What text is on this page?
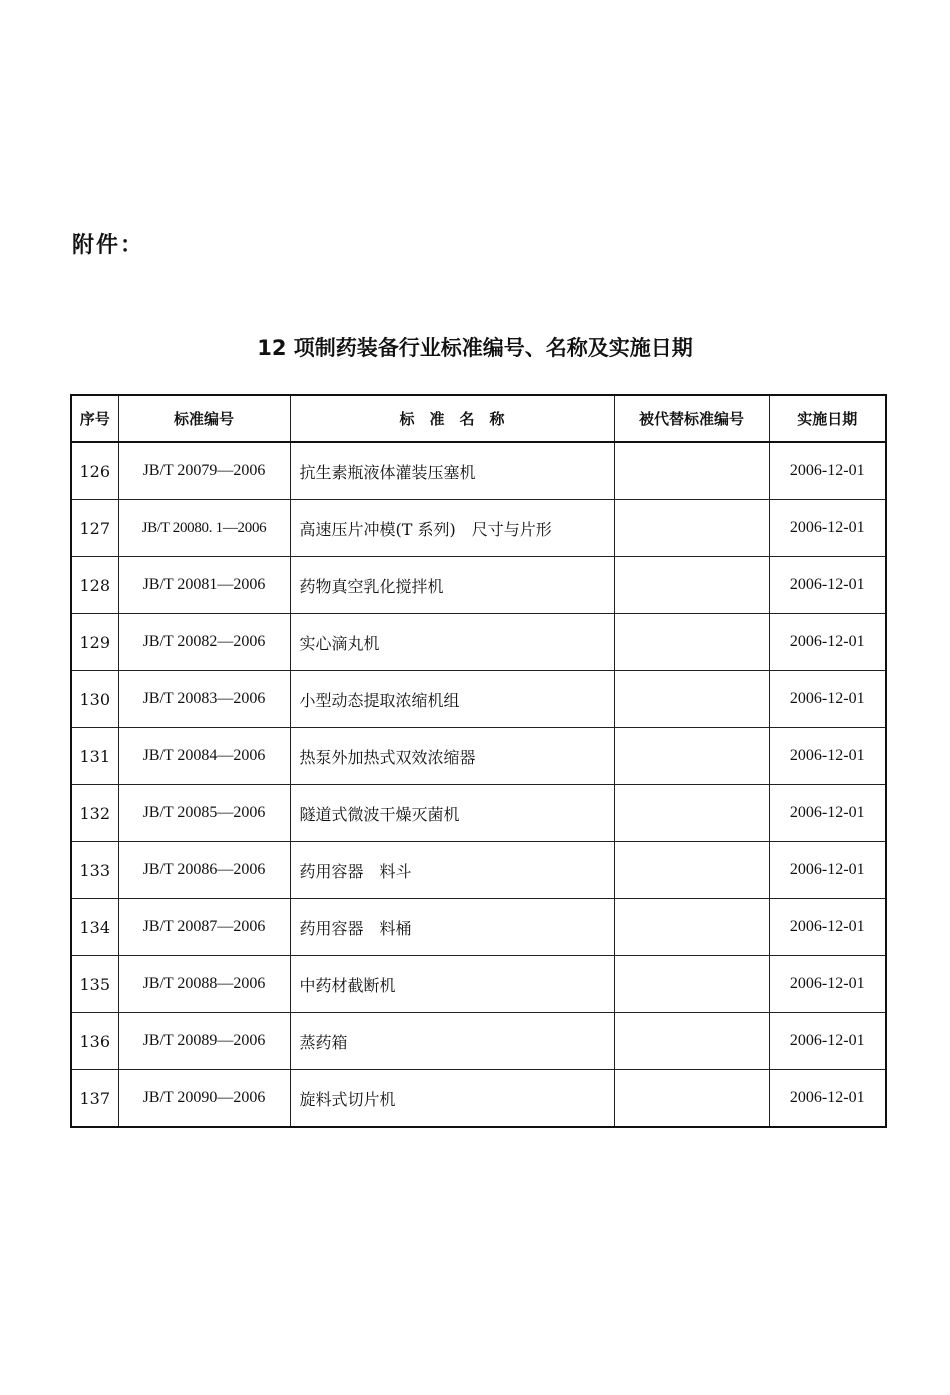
附件：

12 项制药装备行业标准编号、名称及实施日期
序号	标准编号	标　准　名　称	被代替标准编号	实施日期
126	JB/T 20079—2006	抗生素瓶液体灌装压塞机		2006-12-01
127	JB/T 20080. 1—2006	高速压片冲模(T 系列)　尺寸与片形		2006-12-01
128	JB/T 20081—2006	药物真空乳化搅拌机		2006-12-01
129	JB/T 20082—2006	实心滴丸机		2006-12-01
130	JB/T 20083—2006	小型动态提取浓缩机组		2006-12-01
131	JB/T 20084—2006	热泵外加热式双效浓缩器		2006-12-01
132	JB/T 20085—2006	隧道式微波干燥灭菌机		2006-12-01
133	JB/T 20086—2006	药用容器　料斗		2006-12-01
134	JB/T 20087—2006	药用容器　料桶		2006-12-01
135	JB/T 20088—2006	中药材截断机		2006-12-01
136	JB/T 20089—2006	蒸药箱		2006-12-01
137	JB/T 20090—2006	旋料式切片机		2006-12-01
